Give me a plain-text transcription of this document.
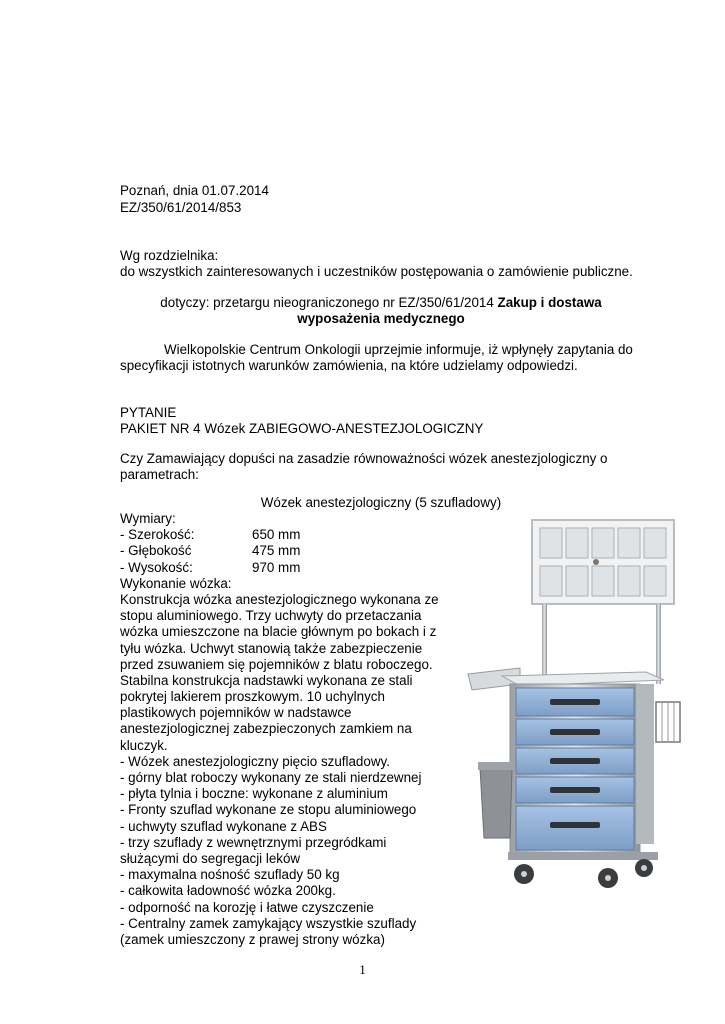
Poznań, dnia 01.07.2014
EZ/350/61/2014/853
Wg rozdzielnika:
do wszystkich zainteresowanych i uczestników postępowania o zamówienie publiczne.
dotyczy: przetargu nieograniczonego nr EZ/350/61/2014 Zakup i dostawa
wyposażenia medycznego
Wielkopolskie Centrum Onkologii uprzejmie informuje, iż wpłynęły zapytania do
specyfikacji istotnych warunków zamówienia, na które udzielamy odpowiedzi.
PYTANIE
PAKIET NR 4 Wózek ZABIEGOWO-ANESTEZJOLOGICZNY
Czy Zamawiający dopuści na zasadzie równoważności wózek anestezjologiczny o
parametrach:
Wózek anestezjologiczny (5 szufladowy)
Wymiary:
- Szerokość:	650 mm
- Głębokość	475 mm
- Wysokość:	970 mm
Wykonanie wózka:
Konstrukcja wózka anestezjologicznego wykonana ze
stopu aluminiowego. Trzy uchwyty do przetaczania
wózka umieszczone na blacie głównym po bokach i z
tyłu wózka. Uchwyt stanowią także zabezpieczenie
przed zsuwaniem się pojemników z blatu roboczego.
Stabilna konstrukcja nadstawki wykonana ze stali
pokrytej lakierem proszkowym. 10 uchylnych
plastikowych pojemników w nadstawce
anestezjologicznej zabezpieczonych zamkiem na
kluczyk.
- Wózek anestezjologiczny pięcio szufladowy.
- górny blat roboczy wykonany ze stali nierdzewnej
- płyta tylnia i boczne: wykonane z aluminium
- Fronty szuflad wykonane ze stopu aluminiowego
- uchwyty szuflad wykonane z ABS
- trzy szuflady z wewnętrznymi przegródkami
służącymi do segregacji leków
- maxymalna nośność szuflady 50 kg
- całkowita ładowność wózka 200kg.
- odporność na korozję i łatwe czyszczenie
- Centralny zamek zamykający wszystkie szuflady
(zamek umieszczony z prawej strony wózka)
1
